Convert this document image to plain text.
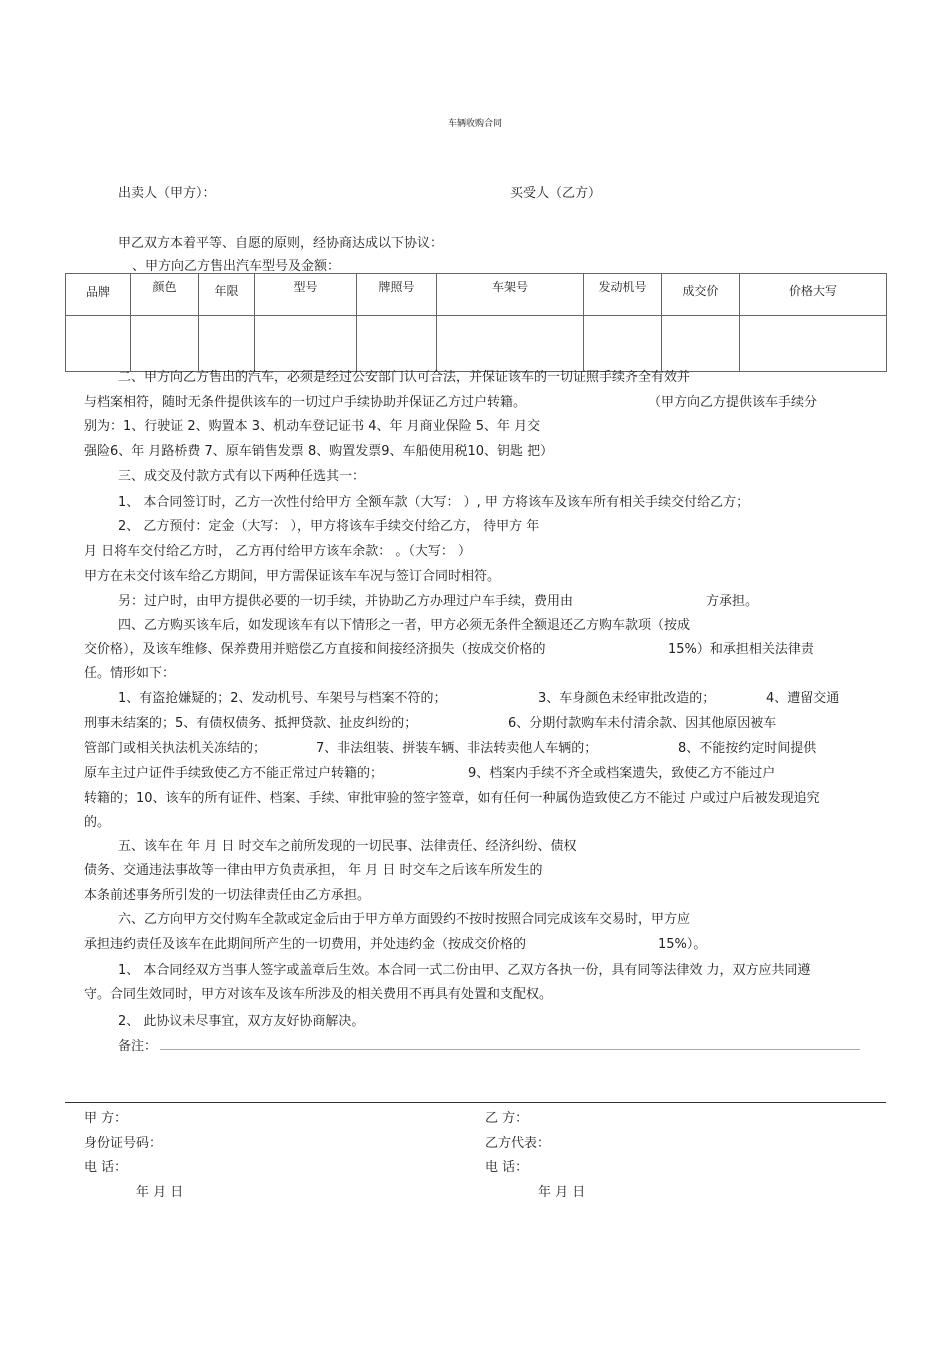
车辆收购合同
出卖人（甲方）：	买受人（乙方）
甲乙双方本着平等、自愿的原则，经协商达成以下协议：
、甲方向乙方售出汽车型号及金额：
品牌	颜色	年限	型号	牌照号	车架号	发动机号	成交价	价格大写

二、甲方向乙方售出的汽车，必须是经过公安部门认可合法，并保证该车的一切证照手续齐全有效并
与档案相符，随时无条件提供该车的一切过户手续协助并保证乙方过户转籍。	（甲方向乙方提供该车手续分
别为：1、行驶证 2、购置本 3、机动车登记证书 4、年 月商业保险 5、年 月交
强险6、年 月路桥费 7、原车销售发票 8、购置发票9、车船使用税10、钥匙 把）
三、成交及付款方式有以下两种任选其一：
1、 本合同签订时，乙方一次性付给甲方 全额车款（大写： ）, 甲 方将该车及该车所有相关手续交付给乙方；
2、 乙方预付：定金（大写： ），甲方将该车手续交付给乙方， 待甲方 年
月 日将车交付给乙方时， 乙方再付给甲方该车余款： 。（大写： ）
甲方在未交付该车给乙方期间，甲方需保证该车车况与签订合同时相符。
另：过户时，由甲方提供必要的一切手续，并协助乙方办理过户车手续，费用由	方承担。
四、乙方购买该车后，如发现该车有以下情形之一者，甲方必须无条件全额退还乙方购车款项（按成
交价格），及该车维修、保养费用并赔偿乙方直接和间接经济损失（按成交价格的	15%）和承担相关法律责
任。情形如下：
1、有盗抢嫌疑的；2、发动机号、车架号与档案不符的；	3、车身颜色未经审批改造的；	4、遭留交通
刑事未结案的；5、有债权债务、抵押贷款、扯皮纠纷的；	6、分期付款购车未付清余款、因其他原因被车
管部门或相关执法机关冻结的；	7、非法组装、拼装车辆、非法转卖他人车辆的；	8、不能按约定时间提供
原车主过户证件手续致使乙方不能正常过户转籍的；	9、档案内手续不齐全或档案遗失，致使乙方不能过户
转籍的；10、该车的所有证件、档案、手续、审批审验的签字签章，如有任何一种属伪造致使乙方不能过 户或过户后被发现追究
的。
五、该车在 年 月 日 时交车之前所发现的一切民事、法律责任、经济纠纷、债权
债务、交通违法事故等一律由甲方负责承担， 年 月 日 时交车之后该车所发生的
本条前述事务所引发的一切法律责任由乙方承担。
六、乙方向甲方交付购车全款或定金后由于甲方单方面毁约不按时按照合同完成该车交易时，甲方应
承担违约责任及该车在此期间所产生的一切费用，并处违约金（按成交价格的	15%）。
1、 本合同经双方当事人签字或盖章后生效。本合同一式二份由甲、乙双方各执一份，具有同等法律效 力，双方应共同遵
守。合同生效同时，甲方对该车及该车所涉及的相关费用不再具有处置和支配权。
2、 此协议未尽事宜，双方友好协商解决。
备注：
甲 方：
身份证号码：
电 话：
年 月 日
乙 方：
乙方代表：
电 话：
年 月 日
